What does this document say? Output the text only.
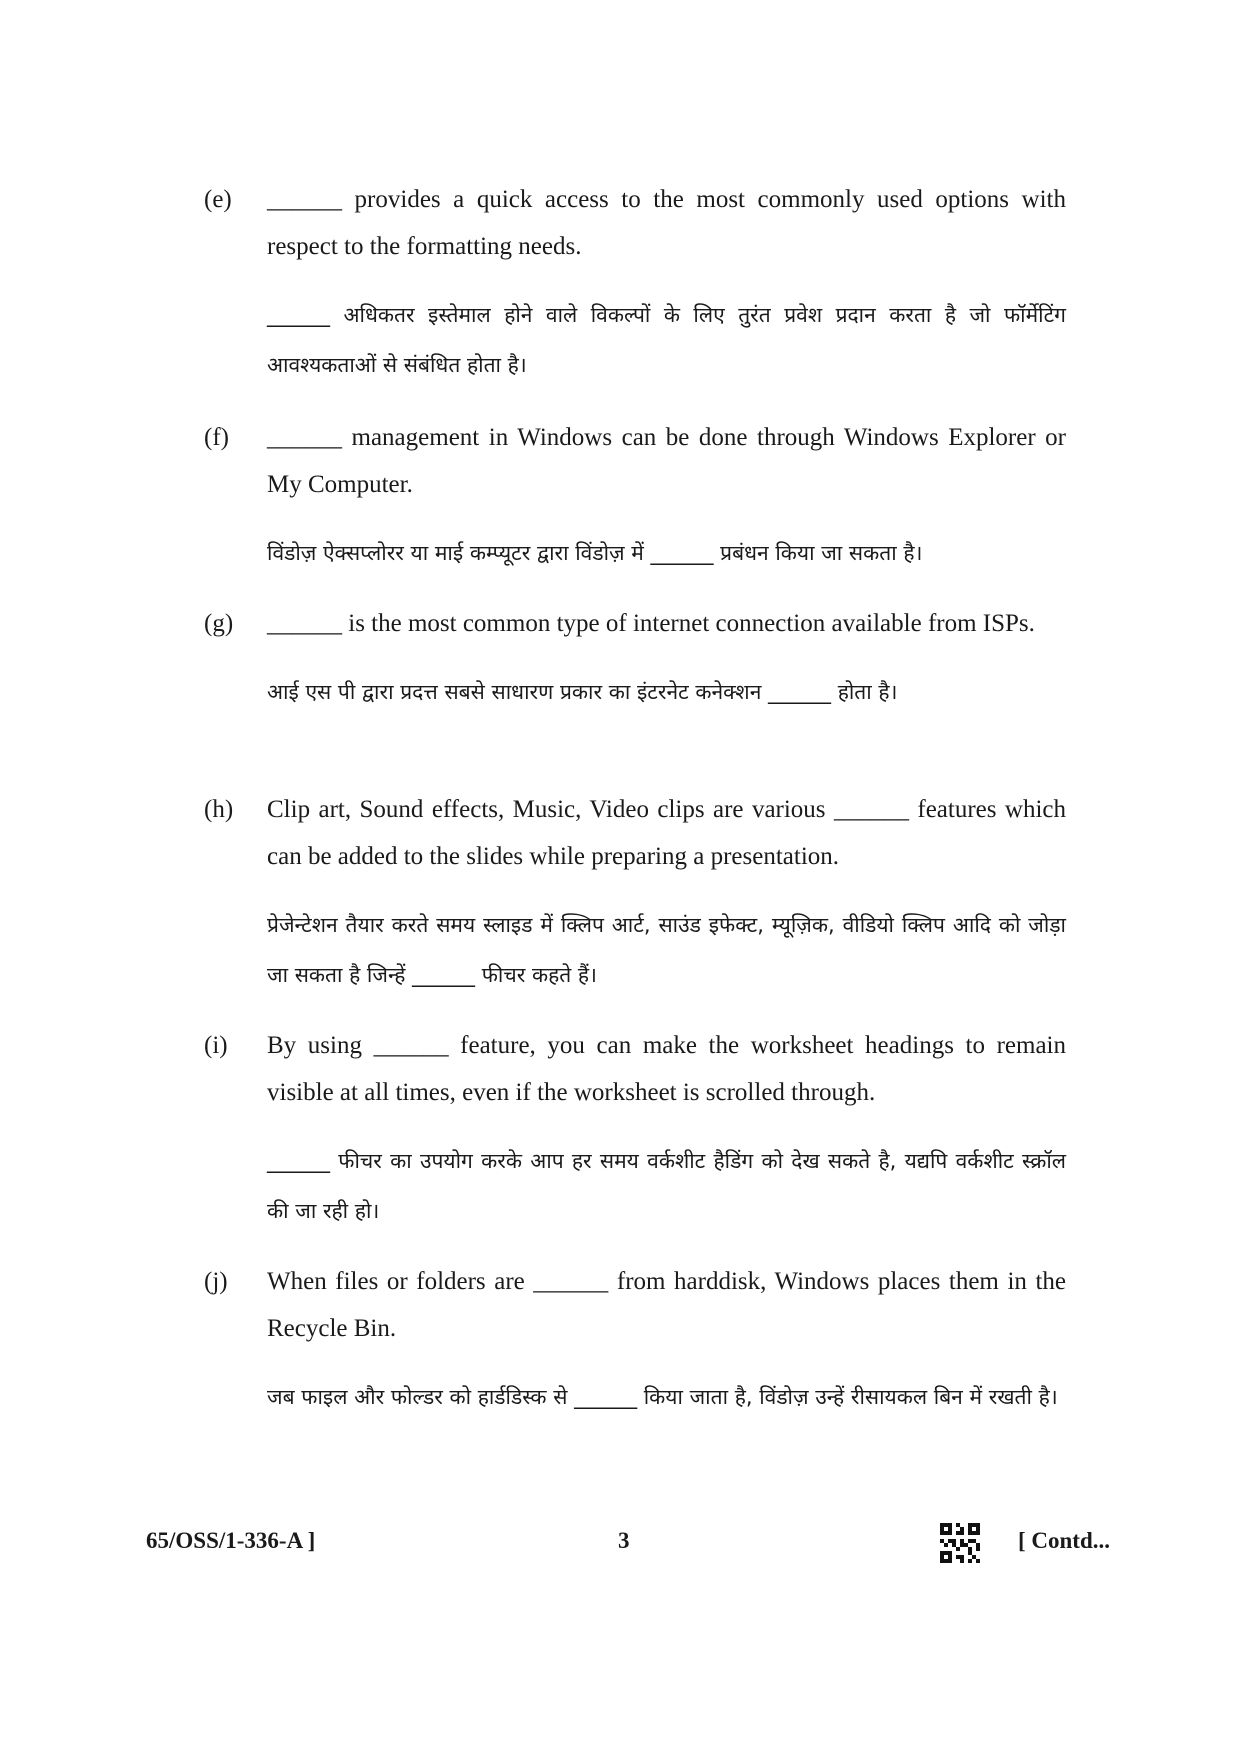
(e) ______ provides a quick access to the most commonly used options with respect to the formatting needs.

______ अधिकतर इस्तेमाल होने वाले विकल्पों के लिए तुरंत प्रवेश प्रदान करता है जो फॉर्मेटिंग आवश्यकताओं से संबंधित होता है।

(f) ______ management in Windows can be done through Windows Explorer or My Computer.

विंडोज़ ऐक्सप्लोरर या माई कम्प्यूटर द्वारा विंडोज़ में ______ प्रबंधन किया जा सकता है।

(g) ______ is the most common type of internet connection available from ISPs.

आई एस पी द्वारा प्रदत्त सबसे साधारण प्रकार का इंटरनेट कनेक्शन ______ होता है।

(h) Clip art, Sound effects, Music, Video clips are various ______ features which can be added to the slides while preparing a presentation.

प्रेजेन्टेशन तैयार करते समय स्लाइड में क्लिप आर्ट, साउंड इफेक्ट, म्यूज़िक, वीडियो क्लिप आदि को जोड़ा जा सकता है जिन्हें ______ फीचर कहते हैं।

(i) By using ______ feature, you can make the worksheet headings to remain visible at all times, even if the worksheet is scrolled through.

______ फीचर का उपयोग करके आप हर समय वर्कशीट हैडिंग को देख सकते है, यद्यपि वर्कशीट स्क्रॉल की जा रही हो।

(j) When files or folders are ______ from harddisk, Windows places them in the Recycle Bin.

जब फाइल और फोल्डर को हार्डडिस्क से ______ किया जाता है, विंडोज़ उन्हें रीसायकल बिन में रखती है।

65/OSS/1-336-A ]	3	[ Contd...
